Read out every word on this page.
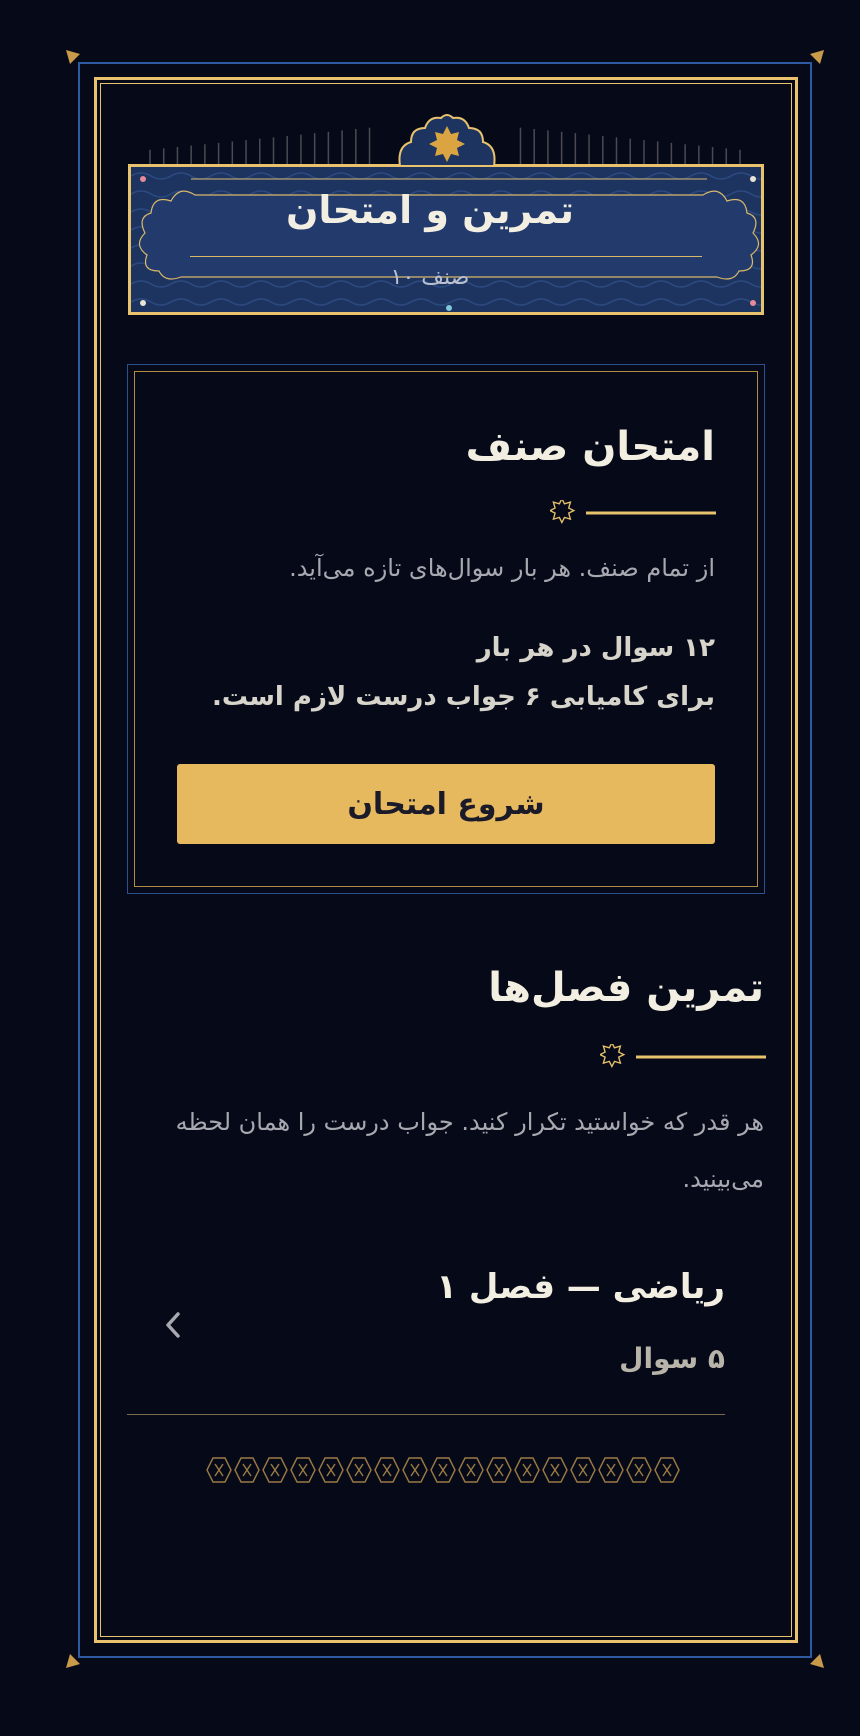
تمرین و امتحان
صنف ۱۰
امتحان صنف
از تمام صنف. هر بار سوال‌های تازه می‌آید.
۱۲ سوال در هر بار
برای کامیابی ۶ جواب درست لازم است.
شروع امتحان
تمرین فصل‌ها
هر قدر که خواستید تکرار کنید. جواب درست را همان لحظه می‌بینید.
ریاضی — فصل ۱
۵ سوال
